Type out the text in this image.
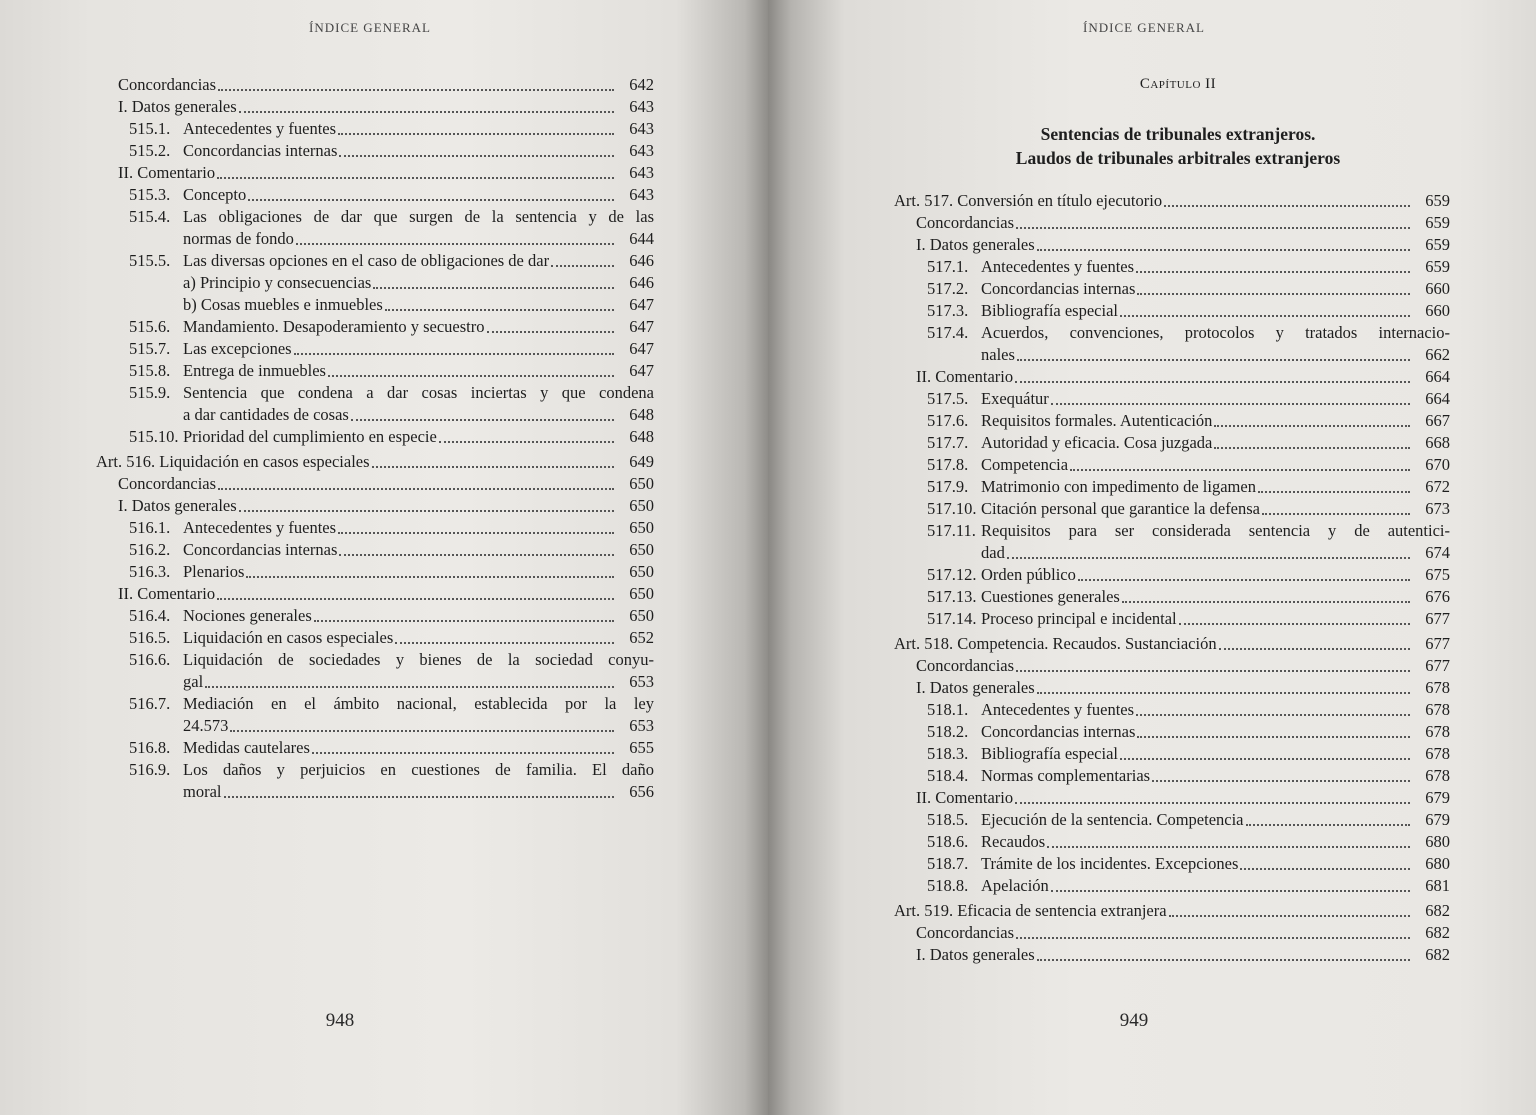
ÍNDICE GENERAL
Concordancias	642
I. Datos generales	643
515.1. Antecedentes y fuentes	643
515.2. Concordancias internas	643
II. Comentario	643
515.3. Concepto	643
515.4. Las obligaciones de dar que surgen de la sentencia y de las
normas de fondo	644
515.5. Las diversas opciones en el caso de obligaciones de dar	646
a) Principio y consecuencias	646
b) Cosas muebles e inmuebles	647
515.6. Mandamiento. Desapoderamiento y secuestro	647
515.7. Las excepciones	647
515.8. Entrega de inmuebles	647
515.9. Sentencia que condena a dar cosas inciertas y que condena
a dar cantidades de cosas	648
515.10. Prioridad del cumplimiento en especie	648
Art. 516. Liquidación en casos especiales	649
Concordancias	650
I. Datos generales	650
516.1. Antecedentes y fuentes	650
516.2. Concordancias internas	650
516.3. Plenarios	650
II. Comentario	650
516.4. Nociones generales	650
516.5. Liquidación en casos especiales	652
516.6. Liquidación de sociedades y bienes de la sociedad conyu-
gal	653
516.7. Mediación en el ámbito nacional, establecida por la ley
24.573	653
516.8. Medidas cautelares	655
516.9. Los daños y perjuicios en cuestiones de familia. El daño
moral	656
948
ÍNDICE GENERAL
Capítulo II
Sentencias de tribunales extranjeros.
Laudos de tribunales arbitrales extranjeros
Art. 517. Conversión en título ejecutorio	659
Concordancias	659
I. Datos generales	659
517.1. Antecedentes y fuentes	659
517.2. Concordancias internas	660
517.3. Bibliografía especial	660
517.4. Acuerdos, convenciones, protocolos y tratados internacio-
nales	662
II. Comentario	664
517.5. Exequátur	664
517.6. Requisitos formales. Autenticación	667
517.7. Autoridad y eficacia. Cosa juzgada	668
517.8. Competencia	670
517.9. Matrimonio con impedimento de ligamen	672
517.10. Citación personal que garantice la defensa	673
517.11. Requisitos para ser considerada sentencia y de autentici-
dad	674
517.12. Orden público	675
517.13. Cuestiones generales	676
517.14. Proceso principal e incidental	677
Art. 518. Competencia. Recaudos. Sustanciación	677
Concordancias	677
I. Datos generales	678
518.1. Antecedentes y fuentes	678
518.2. Concordancias internas	678
518.3. Bibliografía especial	678
518.4. Normas complementarias	678
II. Comentario	679
518.5. Ejecución de la sentencia. Competencia	679
518.6. Recaudos	680
518.7. Trámite de los incidentes. Excepciones	680
518.8. Apelación	681
Art. 519. Eficacia de sentencia extranjera	682
Concordancias	682
I. Datos generales	682
949
